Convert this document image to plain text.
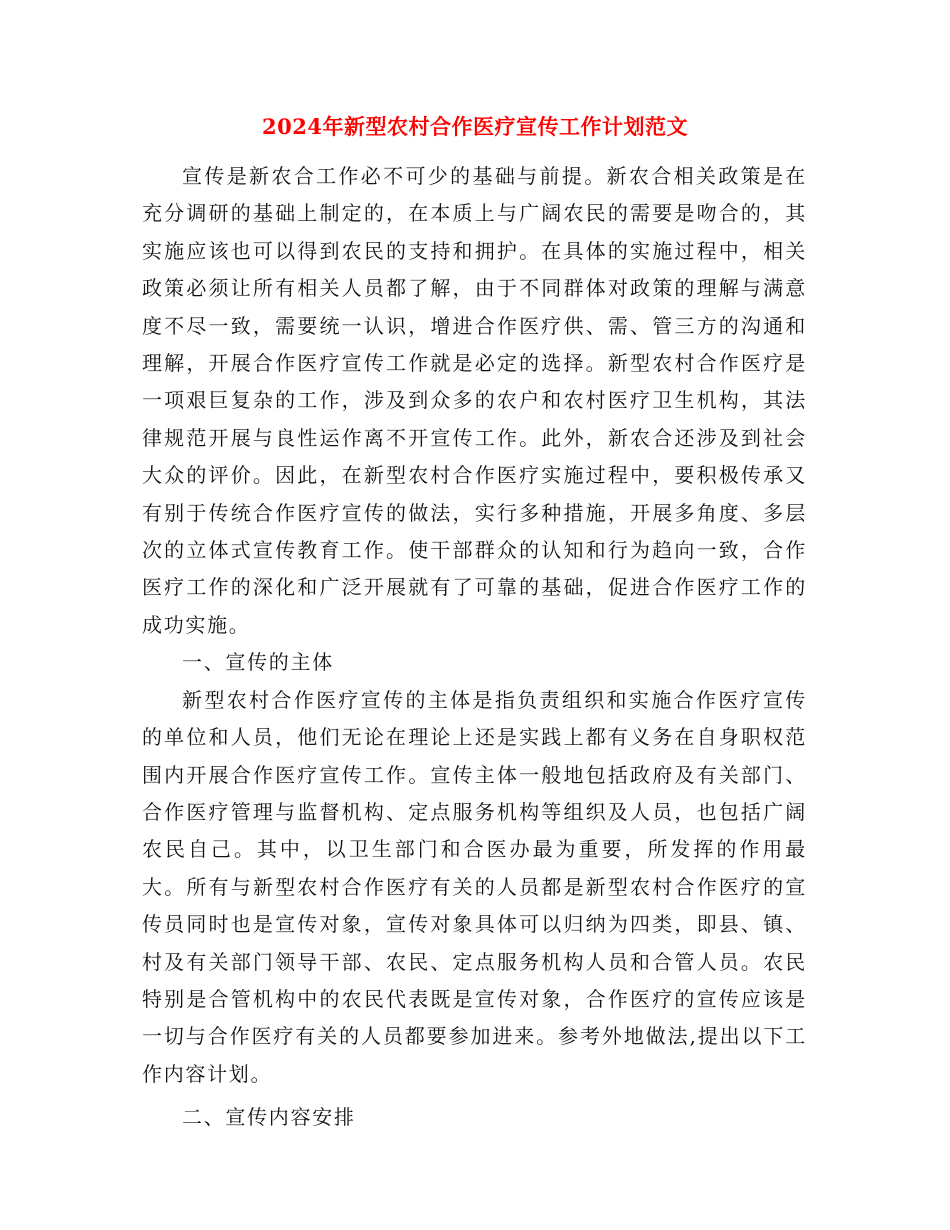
2024年新型农村合作医疗宣传工作计划范文

宣传是新农合工作必不可少的基础与前提。新农合相关政策是在充分调研的基础上制定的，在本质上与广阔农民的需要是吻合的，其实施应该也可以得到农民的支持和拥护。在具体的实施过程中，相关政策必须让所有相关人员都了解，由于不同群体对政策的理解与满意度不尽一致，需要统一认识，增进合作医疗供、需、管三方的沟通和理解，开展合作医疗宣传工作就是必定的选择。新型农村合作医疗是一项艰巨复杂的工作，涉及到众多的农户和农村医疗卫生机构，其法律规范开展与良性运作离不开宣传工作。此外，新农合还涉及到社会大众的评价。因此，在新型农村合作医疗实施过程中，要积极传承又有别于传统合作医疗宣传的做法，实行多种措施，开展多角度、多层次的立体式宣传教育工作。使干部群众的认知和行为趋向一致，合作医疗工作的深化和广泛开展就有了可靠的基础，促进合作医疗工作的成功实施。

一、宣传的主体

新型农村合作医疗宣传的主体是指负责组织和实施合作医疗宣传的单位和人员，他们无论在理论上还是实践上都有义务在自身职权范围内开展合作医疗宣传工作。宣传主体一般地包括政府及有关部门、合作医疗管理与监督机构、定点服务机构等组织及人员，也包括广阔农民自己。其中，以卫生部门和合医办最为重要，所发挥的作用最大。所有与新型农村合作医疗有关的人员都是新型农村合作医疗的宣传员同时也是宣传对象，宣传对象具体可以归纳为四类，即县、镇、村及有关部门领导干部、农民、定点服务机构人员和合管人员。农民特别是合管机构中的农民代表既是宣传对象，合作医疗的宣传应该是一切与合作医疗有关的人员都要参加进来。参考外地做法,提出以下工作内容计划。

二、宣传内容安排
